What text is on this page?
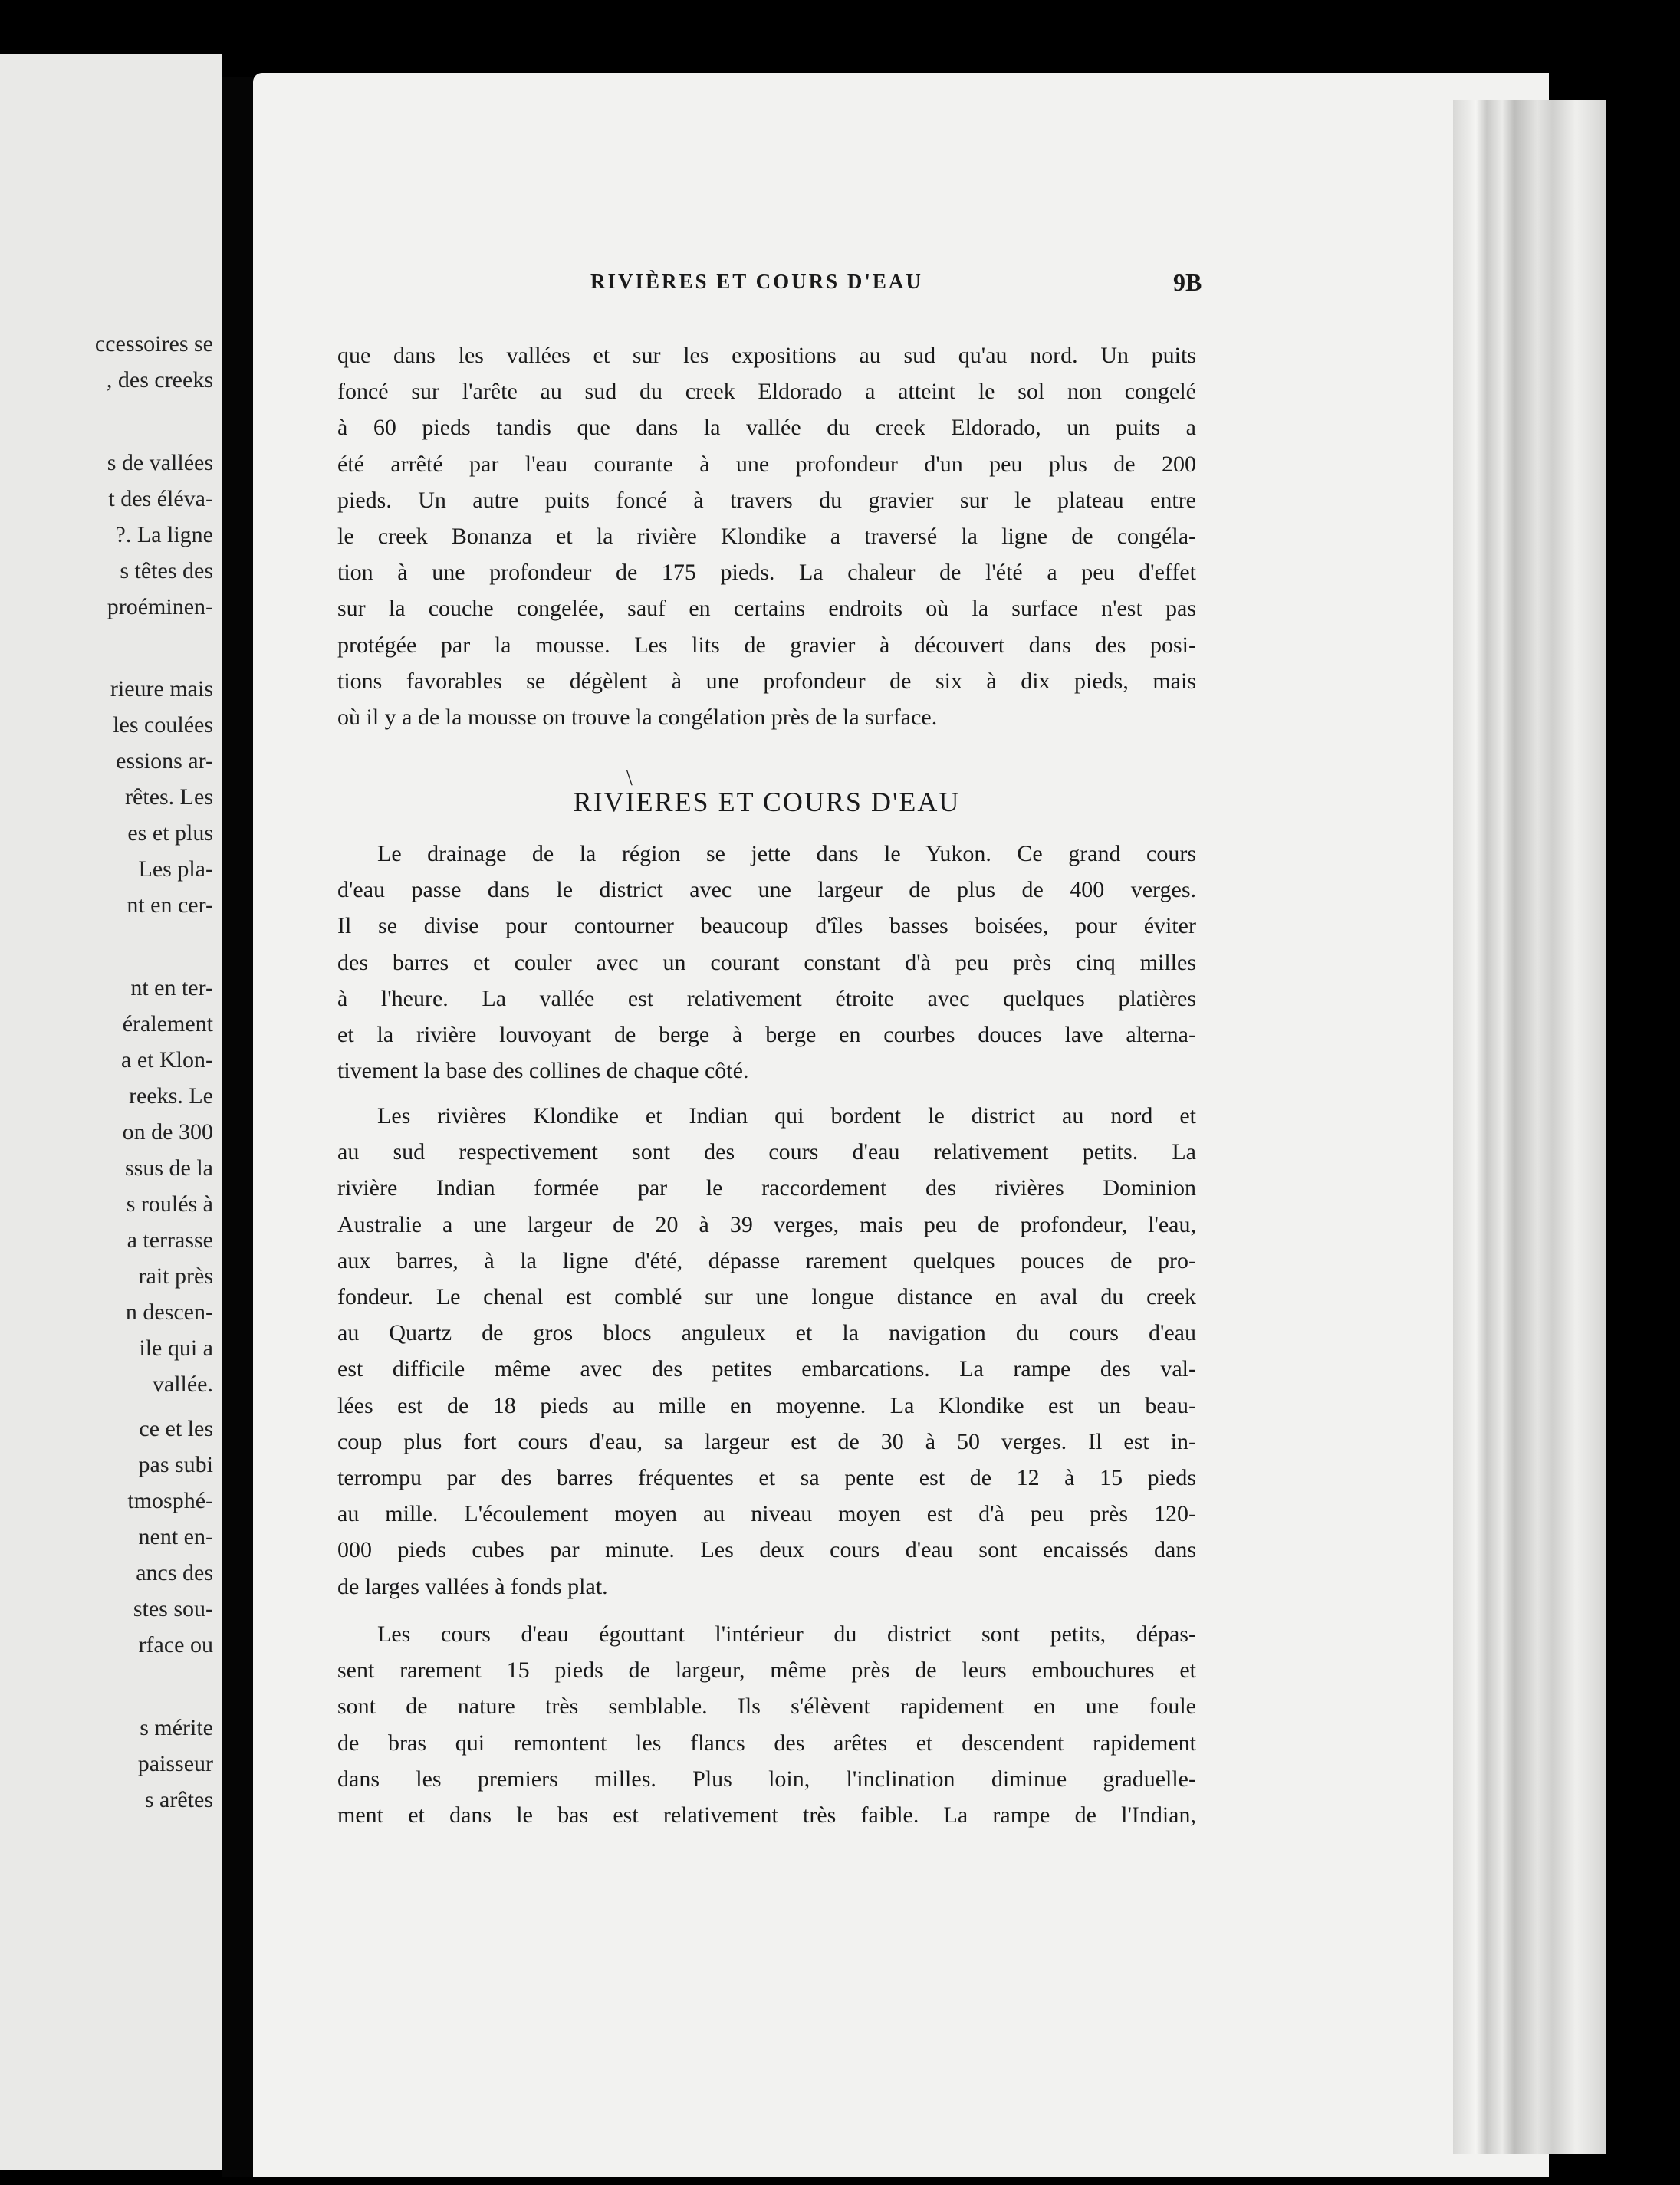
ccessoires se
, des creeks
s de vallées
t des éléva-
?. La ligne
s têtes des
proéminen-
rieure mais
les coulées
essions ar-
rêtes. Les
es et plus
Les pla-
nt en cer-
nt en ter-
éralement
a et Klon-
reeks. Le
on de 300
ssus de la
s roulés à
a terrasse
rait près
n descen-
ile qui a
vallée.
ce et les
pas subi
tmosphé-
nent en-
ancs des
stes sou-
rface ou
s mérite
paisseur
s arêtes
RIVIÈRES ET COURS D'EAU	9B
que dans les vallées et sur les expositions au sud qu'au nord. Un puits
foncé sur l'arête au sud du creek Eldorado a atteint le sol non congelé
à 60 pieds tandis que dans la vallée du creek Eldorado, un puits a
été arrêté par l'eau courante à une profondeur d'un peu plus de 200
pieds. Un autre puits foncé à travers du gravier sur le plateau entre
le creek Bonanza et la rivière Klondike a traversé la ligne de congéla-
tion à une profondeur de 175 pieds. La chaleur de l'été a peu d'effet
sur la couche congelée, sauf en certains endroits où la surface n'est pas
protégée par la mousse. Les lits de gravier à découvert dans des posi-
tions favorables se dégèlent à une profondeur de six à dix pieds, mais
où il y a de la mousse on trouve la congélation près de la surface.
\
RIVIERES ET COURS D'EAU
Le drainage de la région se jette dans le Yukon. Ce grand cours
d'eau passe dans le district avec une largeur de plus de 400 verges.
Il se divise pour contourner beaucoup d'îles basses boisées, pour éviter
des barres et couler avec un courant constant d'à peu près cinq milles
à l'heure. La vallée est relativement étroite avec quelques platières
et la rivière louvoyant de berge à berge en courbes douces lave alterna-
tivement la base des collines de chaque côté.
Les rivières Klondike et Indian qui bordent le district au nord et
au sud respectivement sont des cours d'eau relativement petits. La
rivière Indian formée par le raccordement des rivières Dominion
Australie a une largeur de 20 à 39 verges, mais peu de profondeur, l'eau,
aux barres, à la ligne d'été, dépasse rarement quelques pouces de pro-
fondeur. Le chenal est comblé sur une longue distance en aval du creek
au Quartz de gros blocs anguleux et la navigation du cours d'eau
est difficile même avec des petites embarcations. La rampe des val-
lées est de 18 pieds au mille en moyenne. La Klondike est un beau-
coup plus fort cours d'eau, sa largeur est de 30 à 50 verges. Il est in-
terrompu par des barres fréquentes et sa pente est de 12 à 15 pieds
au mille. L'écoulement moyen au niveau moyen est d'à peu près 120-
000 pieds cubes par minute. Les deux cours d'eau sont encaissés dans
de larges vallées à fonds plat.
Les cours d'eau égouttant l'intérieur du district sont petits, dépas-
sent rarement 15 pieds de largeur, même près de leurs embouchures et
sont de nature très semblable. Ils s'élèvent rapidement en une foule
de bras qui remontent les flancs des arêtes et descendent rapidement
dans les premiers milles. Plus loin, l'inclination diminue graduelle-
ment et dans le bas est relativement très faible. La rampe de l'Indian,
